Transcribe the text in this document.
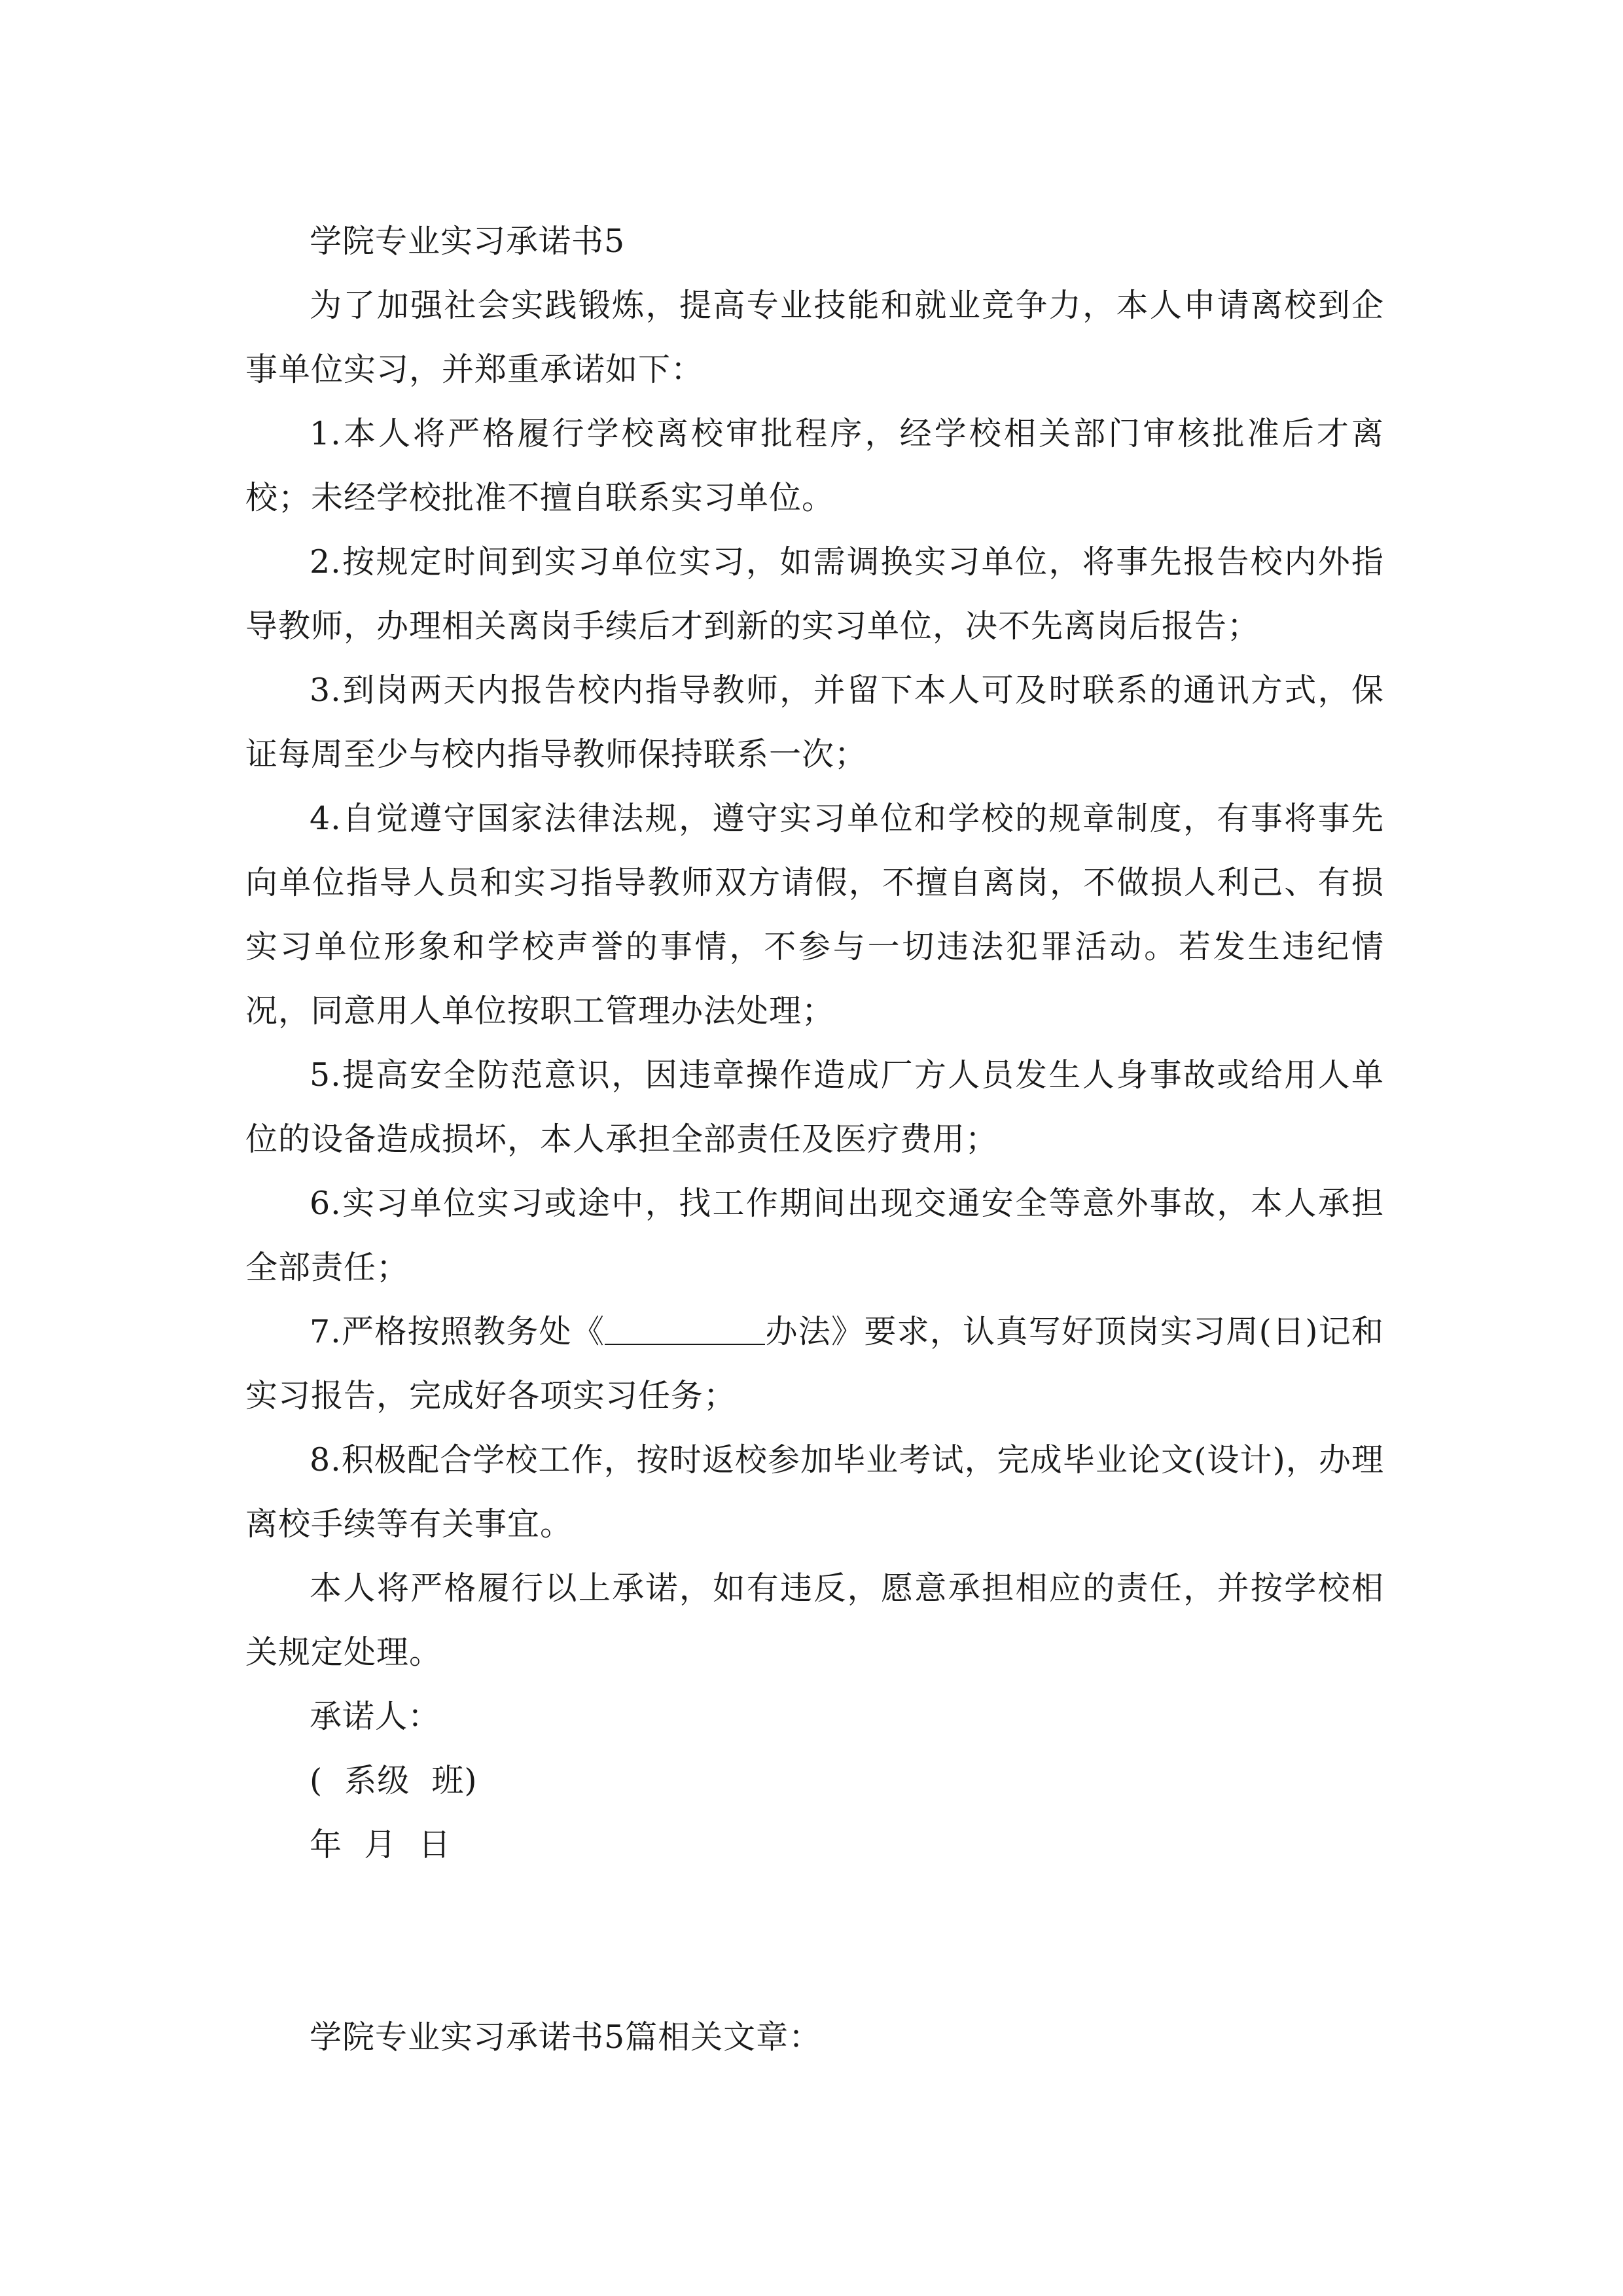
学院专业实习承诺书5

为了加强社会实践锻炼，提高专业技能和就业竞争力，本人申请离校到企事单位实习，并郑重承诺如下：

1.本人将严格履行学校离校审批程序，经学校相关部门审核批准后才离校；未经学校批准不擅自联系实习单位。

2.按规定时间到实习单位实习，如需调换实习单位，将事先报告校内外指导教师，办理相关离岗手续后才到新的实习单位，决不先离岗后报告；

3.到岗两天内报告校内指导教师，并留下本人可及时联系的通讯方式，保证每周至少与校内指导教师保持联系一次；

4.自觉遵守国家法律法规，遵守实习单位和学校的规章制度，有事将事先向单位指导人员和实习指导教师双方请假，不擅自离岗，不做损人利己、有损实习单位形象和学校声誉的事情，不参与一切违法犯罪活动。若发生违纪情况，同意用人单位按职工管理办法处理；

5.提高安全防范意识，因违章操作造成厂方人员发生人身事故或给用人单位的设备造成损坏，本人承担全部责任及医疗费用；

6.实习单位实习或途中，找工作期间出现交通安全等意外事故，本人承担全部责任；

7.严格按照教务处《	办法》要求，认真写好顶岗实习周(日)记和实习报告，完成好各项实习任务；

8.积极配合学校工作，按时返校参加毕业考试，完成毕业论文(设计)，办理离校手续等有关事宜。

本人将严格履行以上承诺，如有违反，愿意承担相应的责任，并按学校相关规定处理。

承诺人：

(  系级  班)

年  月  日

学院专业实习承诺书5篇相关文章：
